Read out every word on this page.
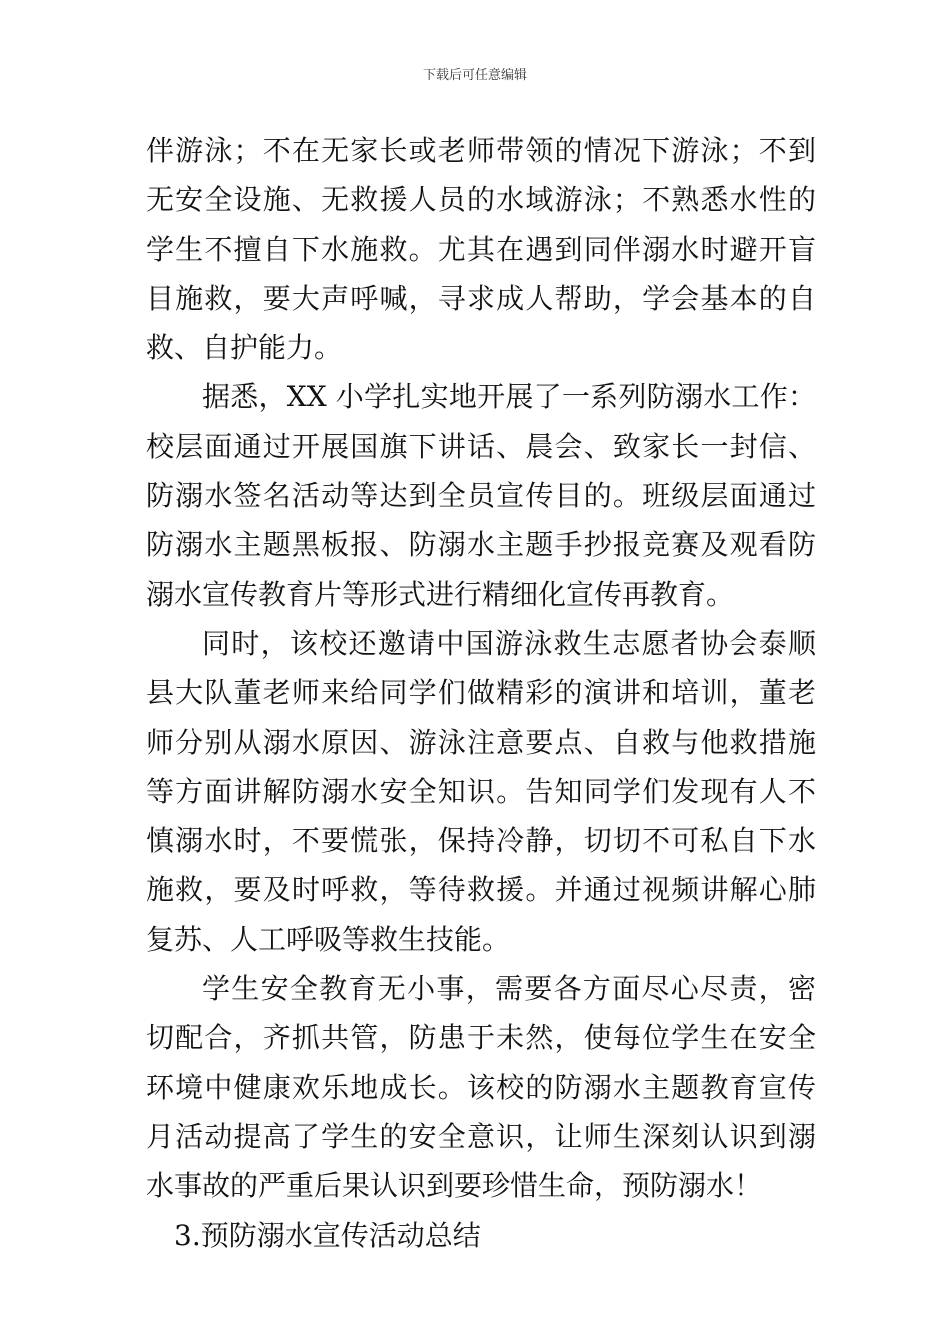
下载后可任意编辑

伴游泳；不在无家长或老师带领的情况下游泳；不到无安全设施、无救援人员的水域游泳；不熟悉水性的学生不擅自下水施救。尤其在遇到同伴溺水时避开盲目施救，要大声呼喊，寻求成人帮助，学会基本的自救、自护能力。

据悉，XX 小学扎实地开展了一系列防溺水工作：校层面通过开展国旗下讲话、晨会、致家长一封信、防溺水签名活动等达到全员宣传目的。班级层面通过防溺水主题黑板报、防溺水主题手抄报竞赛及观看防溺水宣传教育片等形式进行精细化宣传再教育。

同时，该校还邀请中国游泳救生志愿者协会泰顺县大队董老师来给同学们做精彩的演讲和培训，董老师分别从溺水原因、游泳注意要点、自救与他救措施等方面讲解防溺水安全知识。告知同学们发现有人不慎溺水时，不要慌张，保持冷静，切切不可私自下水施救，要及时呼救，等待救援。并通过视频讲解心肺复苏、人工呼吸等救生技能。

学生安全教育无小事，需要各方面尽心尽责，密切配合，齐抓共管，防患于未然，使每位学生在安全环境中健康欢乐地成长。该校的防溺水主题教育宣传月活动提高了学生的安全意识，让师生深刻认识到溺水事故的严重后果认识到要珍惜生命，预防溺水！

3.预防溺水宣传活动总结
